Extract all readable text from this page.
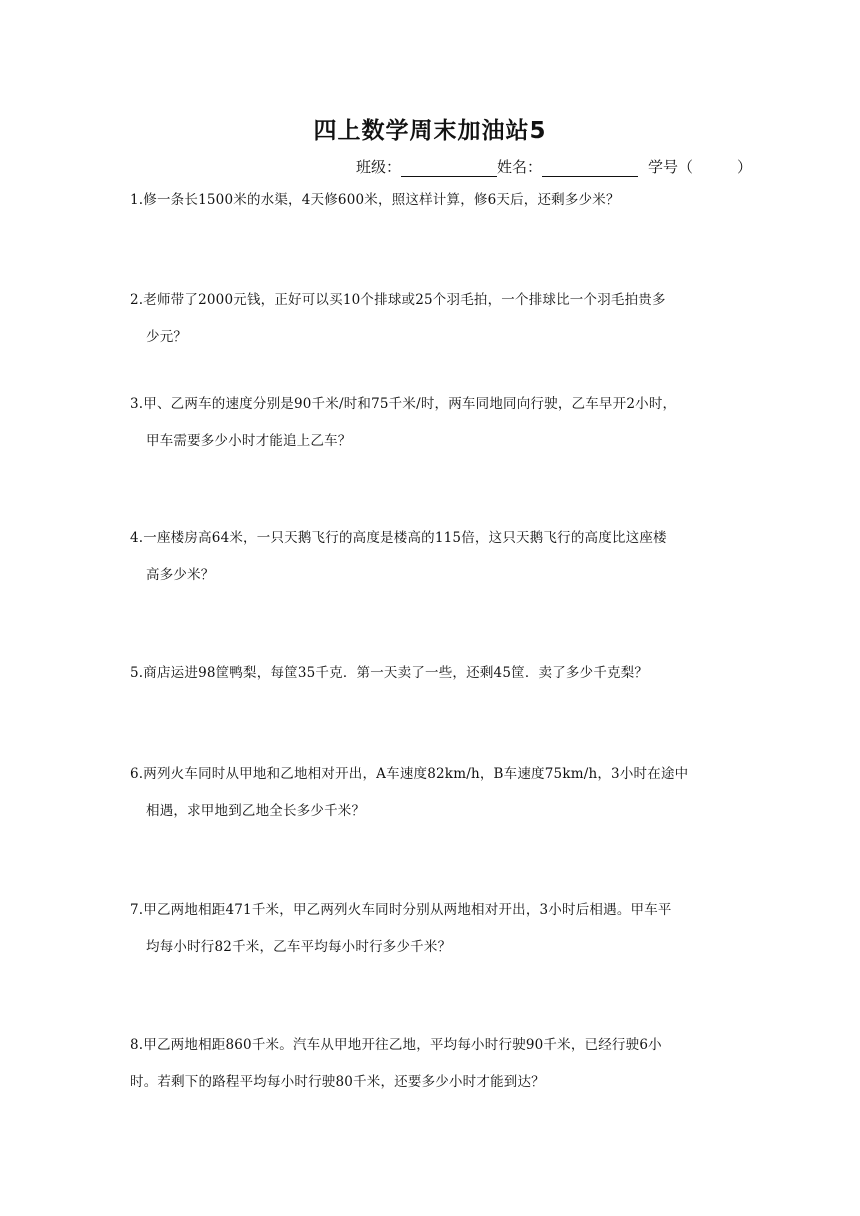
四上数学周末加油站5
班级：	姓名：	学号（	）
1.修一条长1500米的水渠，4天修600米，照这样计算，修6天后，还剩多少米？
2.老师带了2000元钱，正好可以买10个排球或25个羽毛拍，一个排球比一个羽毛拍贵多
少元？
3.甲、乙两车的速度分别是90千米/时和75千米/时，两车同地同向行驶，乙车早开2小时，
甲车需要多少小时才能追上乙车？
4.一座楼房高64米，一只天鹅飞行的高度是楼高的115倍，这只天鹅飞行的高度比这座楼
高多少米？
5.商店运进98筐鸭梨，每筐35千克．第一天卖了一些，还剩45筐．卖了多少千克梨？
6.两列火车同时从甲地和乙地相对开出，A车速度82km/h，B车速度75km/h，3小时在途中
相遇，求甲地到乙地全长多少千米？
7.甲乙两地相距471千米，甲乙两列火车同时分别从两地相对开出，3小时后相遇。甲车平
均每小时行82千米，乙车平均每小时行多少千米？
8.甲乙两地相距860千米。汽车从甲地开往乙地，平均每小时行驶90千米，已经行驶6小
时。若剩下的路程平均每小时行驶80千米，还要多少小时才能到达？
